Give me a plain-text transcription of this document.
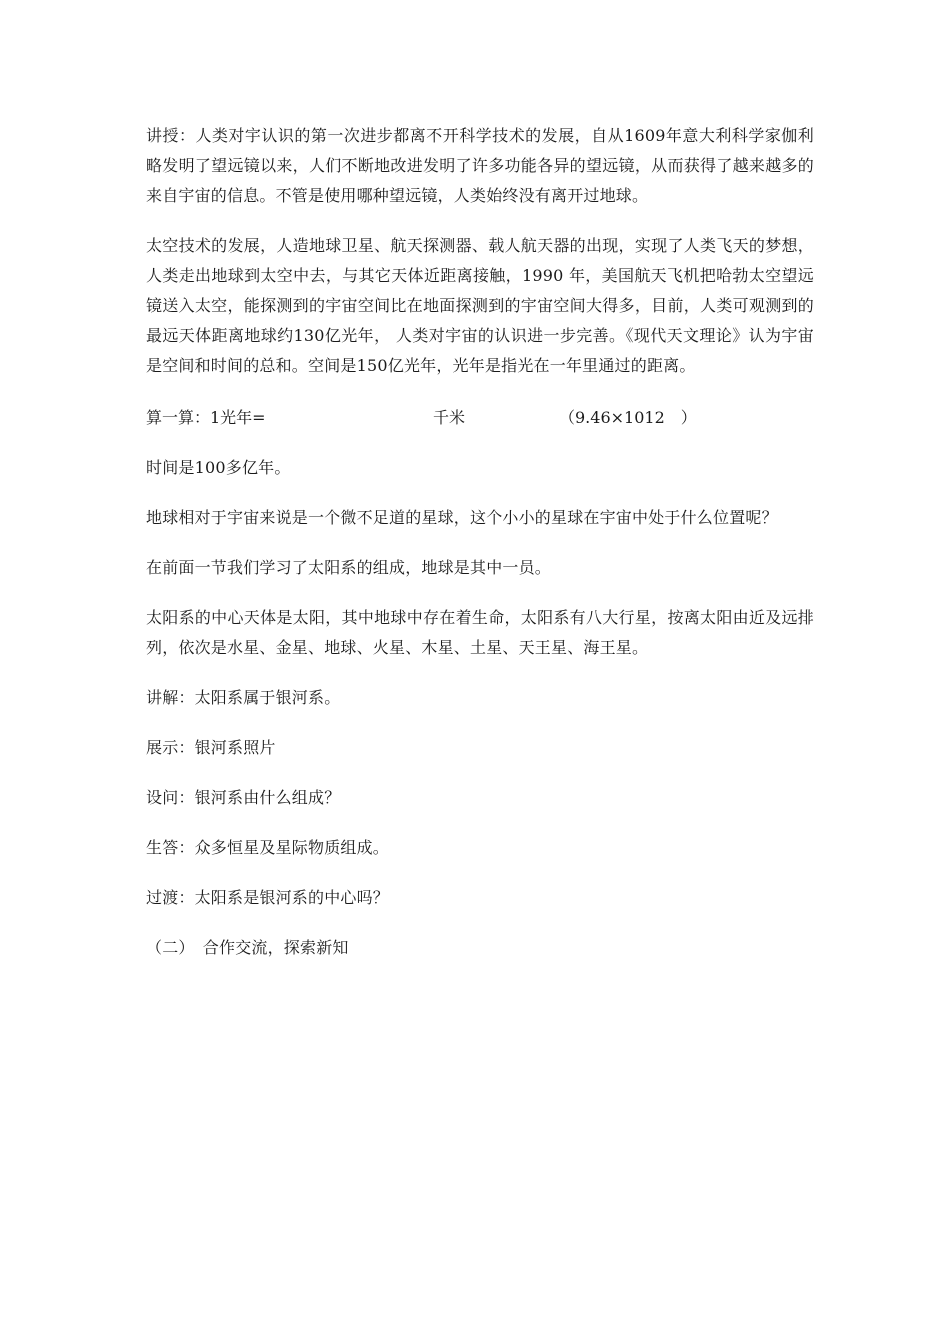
讲授：人类对宇认识的第一次进步都离不开科学技术的发展，自从1609年意大利科学家伽利略发明了望远镜以来，人们不断地改进发明了许多功能各异的望远镜，从而获得了越来越多的来自宇宙的信息。不管是使用哪种望远镜，人类始终没有离开过地球。

太空技术的发展，人造地球卫星、航天探测器、载人航天器的出现，实现了人类飞天的梦想，人类走出地球到太空中去，与其它天体近距离接触，1990 年，美国航天飞机把哈勃太空望远镜送入太空，能探测到的宇宙空间比在地面探测到的宇宙空间大得多，目前，人类可观测到的最远天体距离地球约130亿光年， 人类对宇宙的认识进一步完善。《现代天文理论》认为宇宙是空间和时间的总和。空间是150亿光年，光年是指光在一年里通过的距离。

算一算：1光年=	千米	（9.46×1012　）

时间是100多亿年。

地球相对于宇宙来说是一个微不足道的星球，这个小小的星球在宇宙中处于什么位置呢？

在前面一节我们学习了太阳系的组成，地球是其中一员。

太阳系的中心天体是太阳，其中地球中存在着生命，太阳系有八大行星，按离太阳由近及远排列，依次是水星、金星、地球、火星、木星、土星、天王星、海王星。

讲解：太阳系属于银河系。

展示：银河系照片

设问：银河系由什么组成？

生答：众多恒星及星际物质组成。

过渡：太阳系是银河系的中心吗？

（二）　合作交流，探索新知
